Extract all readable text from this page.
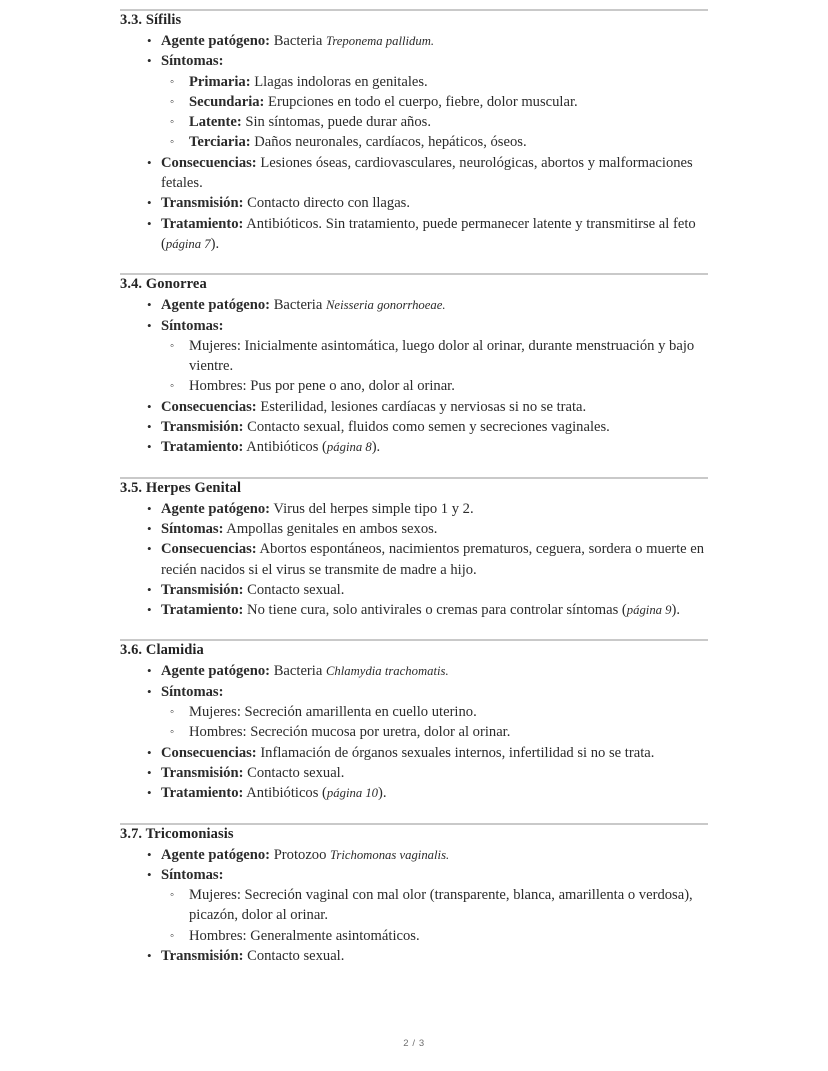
3.3. Sífilis
• Agente patógeno: Bacteria Treponema pallidum.
• Síntomas:
◦ Primaria: Llagas indoloras en genitales.
◦ Secundaria: Erupciones en todo el cuerpo, fiebre, dolor muscular.
◦ Latente: Sin síntomas, puede durar años.
◦ Terciaria: Daños neuronales, cardíacos, hepáticos, óseos.
• Consecuencias: Lesiones óseas, cardiovasculares, neurológicas, abortos y malformaciones fetales.
• Transmisión: Contacto directo con llagas.
• Tratamiento: Antibióticos. Sin tratamiento, puede permanecer latente y transmitirse al feto (página 7).
3.4. Gonorrea
• Agente patógeno: Bacteria Neisseria gonorrhoeae.
• Síntomas:
◦ Mujeres: Inicialmente asintomática, luego dolor al orinar, durante menstruación y bajo vientre.
◦ Hombres: Pus por pene o ano, dolor al orinar.
• Consecuencias: Esterilidad, lesiones cardíacas y nerviosas si no se trata.
• Transmisión: Contacto sexual, fluidos como semen y secreciones vaginales.
• Tratamiento: Antibióticos (página 8).
3.5. Herpes Genital
• Agente patógeno: Virus del herpes simple tipo 1 y 2.
• Síntomas: Ampollas genitales en ambos sexos.
• Consecuencias: Abortos espontáneos, nacimientos prematuros, ceguera, sordera o muerte en recién nacidos si el virus se transmite de madre a hijo.
• Transmisión: Contacto sexual.
• Tratamiento: No tiene cura, solo antivirales o cremas para controlar síntomas (página 9).
3.6. Clamidia
• Agente patógeno: Bacteria Chlamydia trachomatis.
• Síntomas:
◦ Mujeres: Secreción amarillenta en cuello uterino.
◦ Hombres: Secreción mucosa por uretra, dolor al orinar.
• Consecuencias: Inflamación de órganos sexuales internos, infertilidad si no se trata.
• Transmisión: Contacto sexual.
• Tratamiento: Antibióticos (página 10).
3.7. Tricomoniasis
• Agente patógeno: Protozoo Trichomonas vaginalis.
• Síntomas:
◦ Mujeres: Secreción vaginal con mal olor (transparente, blanca, amarillenta o verdosa), picazón, dolor al orinar.
◦ Hombres: Generalmente asintomáticos.
• Transmisión: Contacto sexual.
2 / 3
